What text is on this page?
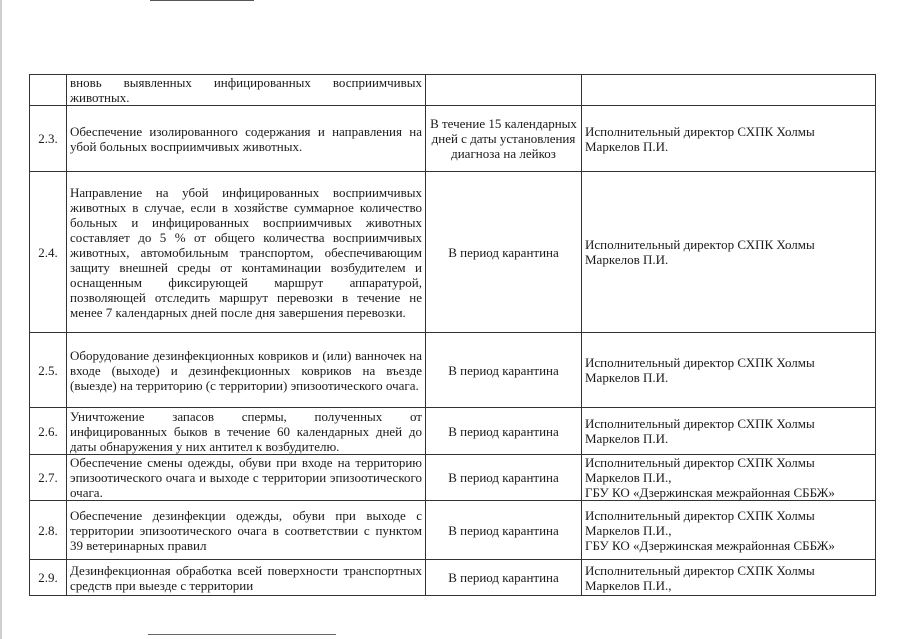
	вновь выявленных инфицированных восприимчивых животных.		
2.3.	Обеспечение изолированного содержания и направления на убой больных восприимчивых животных.	В течение 15 календарных дней с даты установления диагноза на лейкоз	Исполнительный директор СХПК Холмы
Маркелов П.И.

2.4.	Направление на убой инфицированных восприимчивых животных в случае, если в хозяйстве суммарное количество больных и инфицированных восприимчивых животных составляет до 5 % от общего количества восприимчивых животных, автомобильным транспортом, обеспечивающим защиту внешней среды от контаминации возбудителем и оснащенным фиксирующей маршрут аппаратурой, позволяющей отследить маршрут перевозки в течение не менее 7 календарных дней после дня завершения перевозки.	В период карантина	Исполнительный директор СХПК Холмы
Маркелов П.И.

2.5.	Оборудование дезинфекционных ковриков и (или) ванночек на входе (выходе) и дезинфекционных ковриков на въезде (выезде) на территорию (с территории) эпизоотического очага.	В период карантина	Исполнительный директор СХПК Холмы
Маркелов П.И.

2.6.	Уничтожение запасов спермы, полученных от инфицированных быков в течение 60 календарных дней до даты обнаружения у них антител к возбудителю.	В период карантина	Исполнительный директор СХПК Холмы
Маркелов П.И.

2.7.	Обеспечение смены одежды, обуви при входе на территорию эпизоотического очага и выходе с территории эпизоотического очага.	В период карантина	Исполнительный директор СХПК Холмы
Маркелов П.И.,
ГБУ КО «Дзержинская межрайонная СББЖ»

2.8.	Обеспечение дезинфекции одежды, обуви при выходе с территории эпизоотического очага в соответствии с пунктом 39 ветеринарных правил	В период карантина	Исполнительный директор СХПК Холмы
Маркелов П.И.,
ГБУ КО «Дзержинская межрайонная СББЖ»

2.9.	Дезинфекционная обработка всей поверхности транспортных средств при выезде с территории	В период карантина	Исполнительный директор СХПК Холмы
Маркелов П.И.,
